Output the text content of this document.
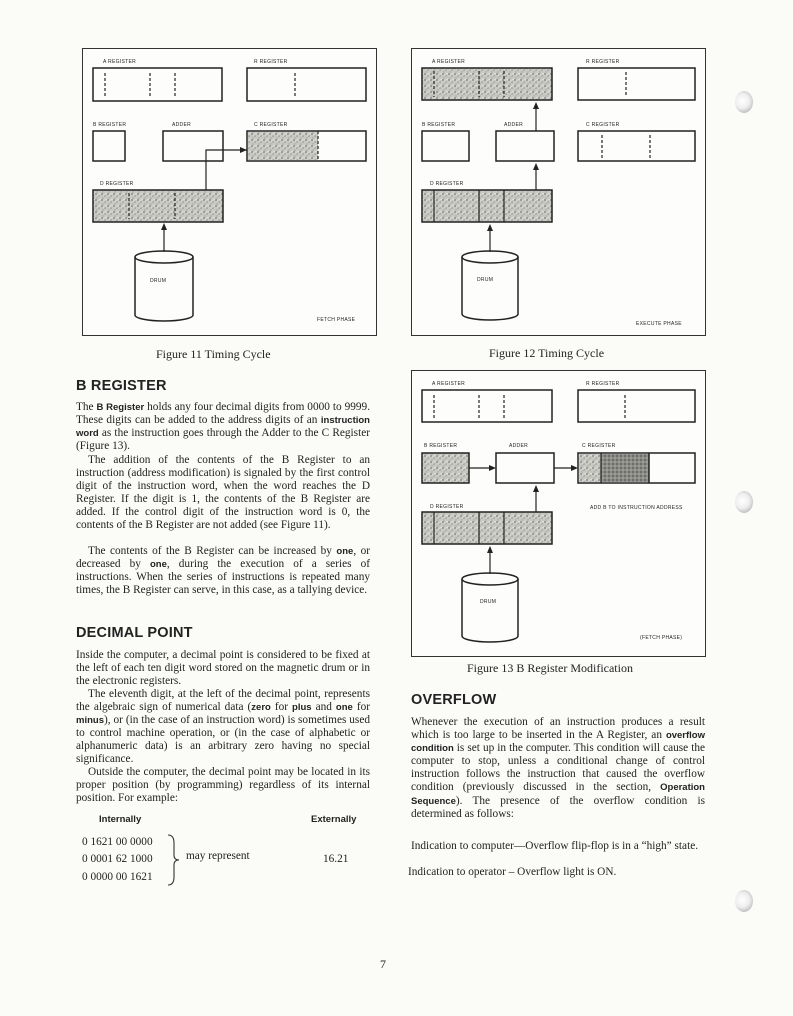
A REGISTER	R REGISTER
B REGISTER	ADDER	C REGISTER
D REGISTER
DRUM
FETCH PHASE
Figure 11 Timing Cycle
A REGISTER	R REGISTER
B REGISTER	ADDER	C REGISTER
D REGISTER
DRUM
EXECUTE PHASE
Figure 12 Timing Cycle
A REGISTER	R REGISTER
B REGISTER	ADDER	C REGISTER
D REGISTER	ADD B TO INSTRUCTION ADDRESS
DRUM
(FETCH PHASE)
Figure 13 B Register Modification
B REGISTER

The B Register holds any four decimal digits from 0000 to 9999. These digits can be added to the address digits of an instruction word as the instruction goes through the Adder to the C Register (Figure 13).

The addition of the contents of the B Register to an instruction (address modification) is signaled by the first control digit of the instruction word, when the word reaches the D Register. If the digit is 1, the contents of the B Register are added. If the control digit of the instruction word is 0, the contents of the B Register are not added (see Figure 11).

The contents of the B Register can be increased by one, or decreased by one, during the execution of a series of instructions. When the series of instructions is repeated many times, the B Register can serve, in this case, as a tallying device.

DECIMAL POINT

Inside the computer, a decimal point is considered to be fixed at the left of each ten digit word stored on the magnetic drum or in the electronic registers.

The eleventh digit, at the left of the decimal point, represents the algebraic sign of numerical data (zero for plus and one for minus), or (in the case of an instruction word) is sometimes used to control machine operation, or (in the case of alphabetic or alphanumeric data) is an arbitrary zero having no special significance.

Outside the computer, the decimal point may be located in its proper position (by programming) regardless of its internal position. For example:

Internally	Externally
0 1621 00 0000
0 0001 62 1000
0 0000 00 1621
may represent	16.21
OVERFLOW

Whenever the execution of an instruction produces a result which is too large to be inserted in the A Register, an overflow condition is set up in the computer. This condition will cause the computer to stop, unless a conditional change of control instruction follows the instruction that caused the overflow condition (previously discussed in the section, Operation Sequence). The presence of the overflow condition is determined as follows:

Indication to computer—Overflow flip-flop is in a “high” state.

Indication to operator – Overflow light is ON.

7
